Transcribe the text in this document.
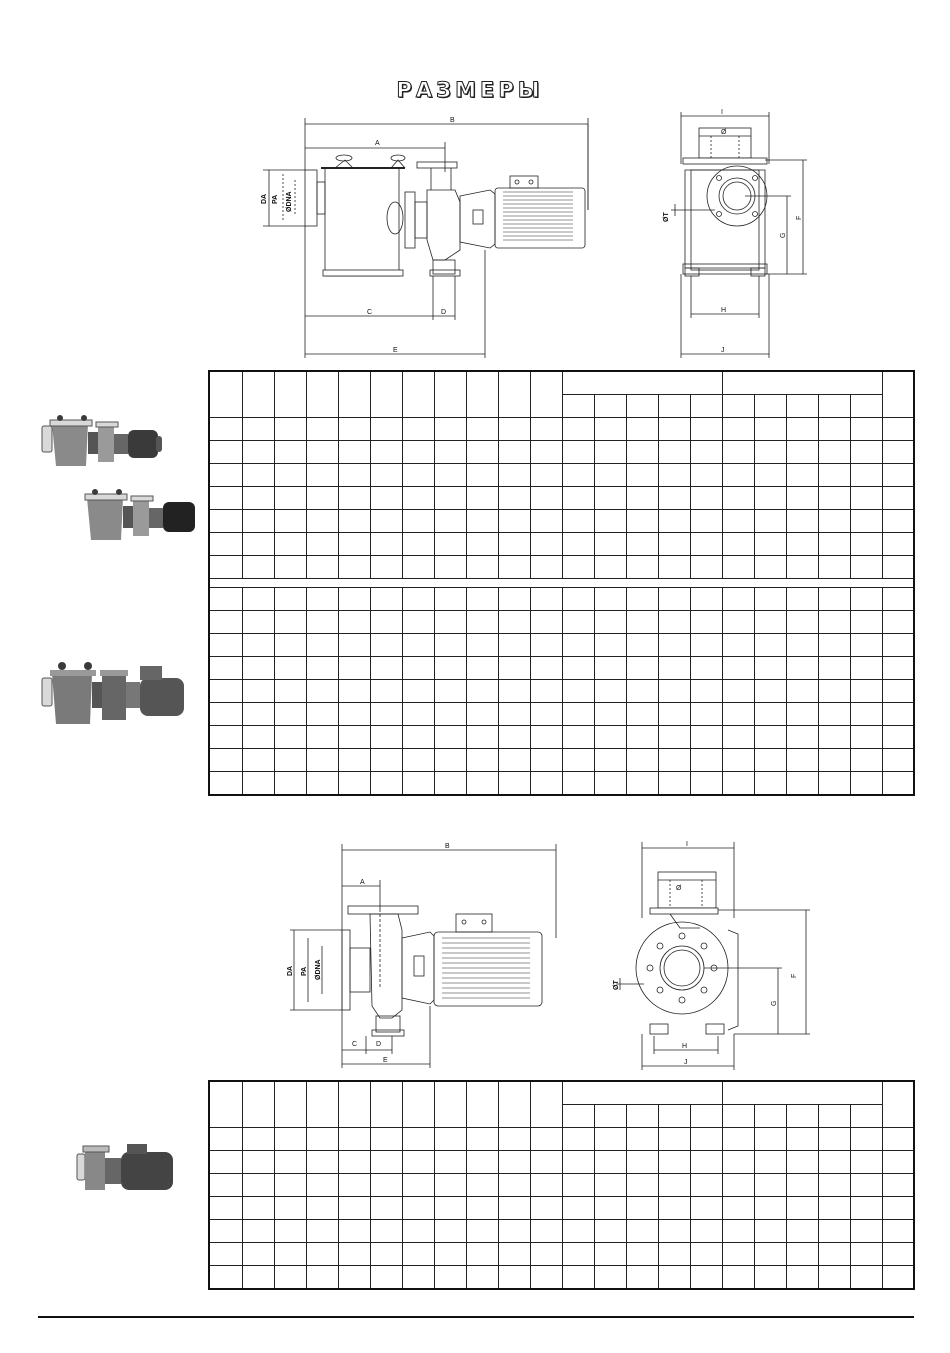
РАЗМЕРЫ
B
A
C	D
E
DA PA ØDNA
I
Ø
ØT
G
F
H
J

B
A
C	D
E
DA PA ØDNA
I
Ø
ØT
G
F
H
J
